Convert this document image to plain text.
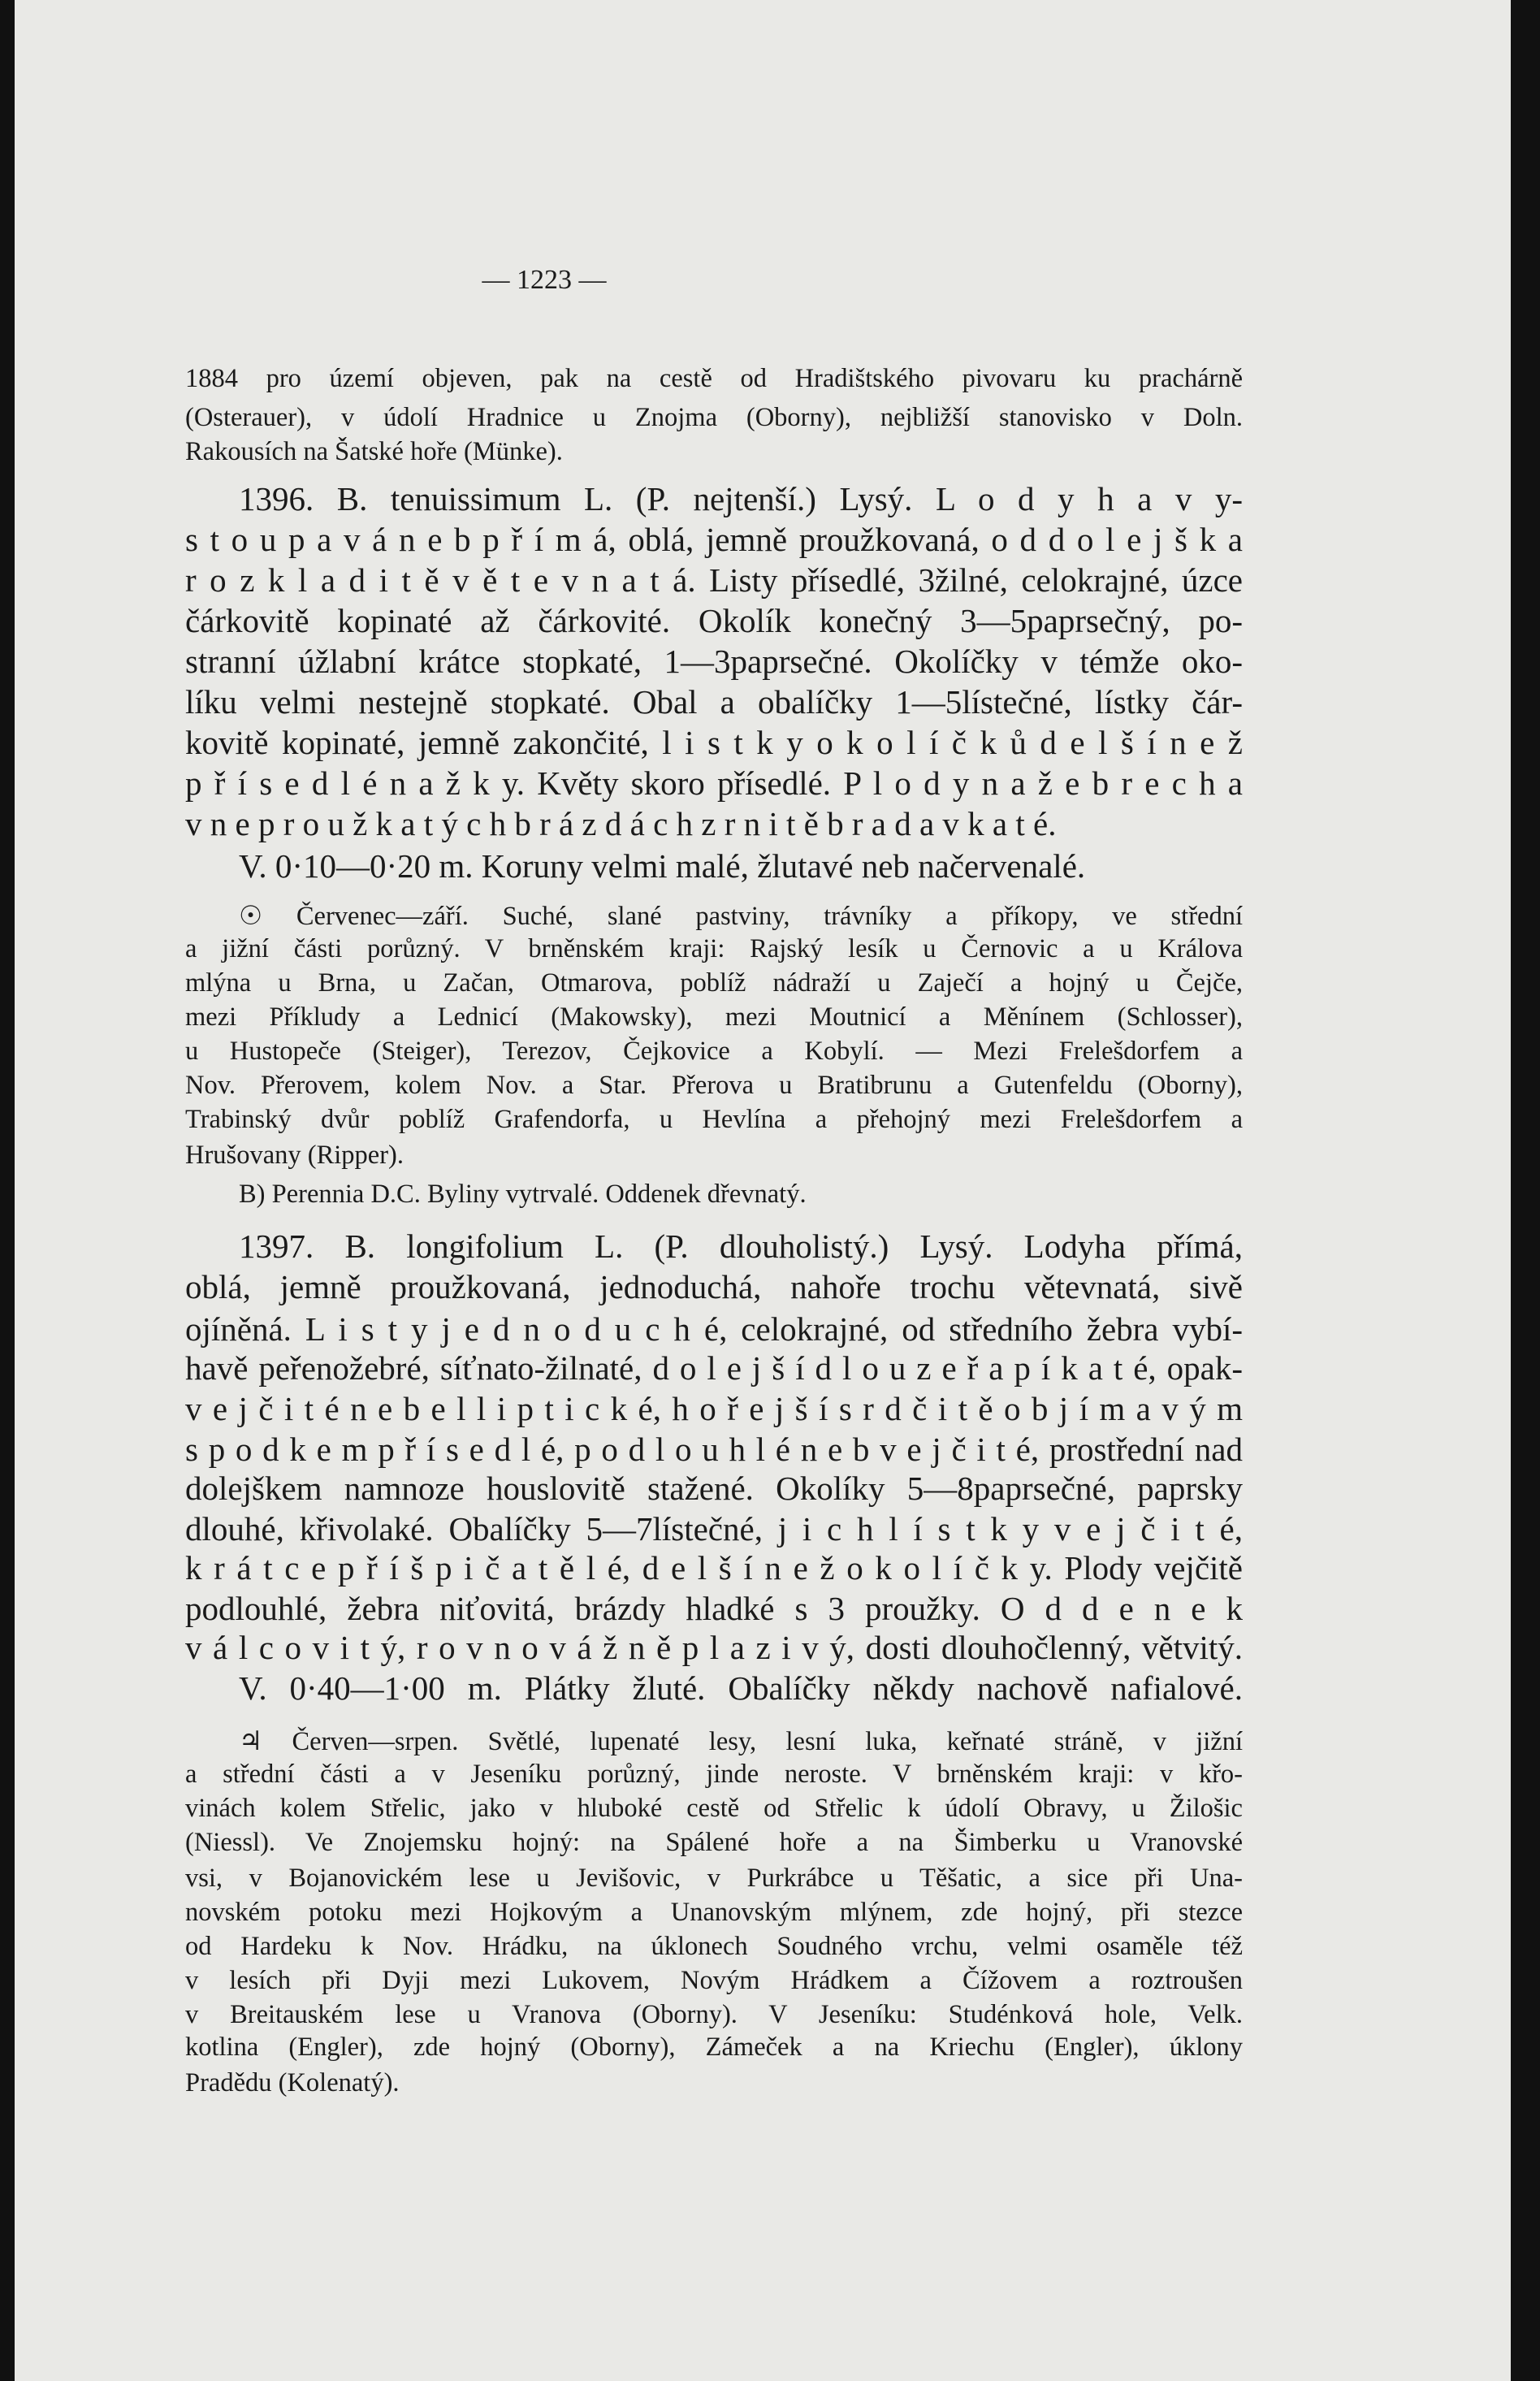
— 1223 —
1884 pro území objeven, pak na cestě od Hradištského pivovaru ku prachárně
(Osterauer), v údolí Hradnice u Znojma (Oborny), nejbližší stanovisko v Doln.
Rakousích na Šatské hoře (Münke).
1396. B. tenuissimum L. (P. nejtenší.) Lysý. L o d y h a v y-
s t o u p a v á n e b p ř í m á, oblá, jemně proužkovaná, o d d o l e j š k a
r o z k l a d i t ě v ě t e v n a t á. Listy přísedlé, 3žilné, celokrajné, úzce
čárkovitě kopinaté až čárkovité. Okolík konečný 3—5paprsečný, po-
stranní úžlabní krátce stopkaté, 1—3paprsečné. Okolíčky v témže oko-
líku velmi nestejně stopkaté. Obal a obalíčky 1—5lístečné, lístky čár-
kovitě kopinaté, jemně zakončité, l i s t k y o k o l í č k ů d e l š í n e ž
p ř í s e d l é n a ž k y. Květy skoro přísedlé. P l o d y n a ž e b r e c h a
v n e p r o u ž k a t ý c h b r á z d á c h z r n i t ě b r a d a v k a t é.
V. 0·10—0·20 m. Koruny velmi malé, žlutavé neb načervenalé.
☉ Červenec—září. Suché, slané pastviny, trávníky a příkopy, ve střední
a jižní části porůzný. V brněnském kraji: Rajský lesík u Černovic a u Králova
mlýna u Brna, u Začan, Otmarova, poblíž nádraží u Zaječí a hojný u Čejče,
mezi Příkludy a Lednicí (Makowsky), mezi Moutnicí a Měnínem (Schlosser),
u Hustopeče (Steiger), Terezov, Čejkovice a Kobylí. — Mezi Frelešdorfem a
Nov. Přerovem, kolem Nov. a Star. Přerova u Bratibrunu a Gutenfeldu (Oborny),
Trabinský dvůr poblíž Grafendorfa, u Hevlína a přehojný mezi Frelešdorfem a
Hrušovany (Ripper).
B) Perennia D.C. Byliny vytrvalé. Oddenek dřevnatý.
1397. B. longifolium L. (P. dlouholistý.) Lysý. Lodyha přímá,
oblá, jemně proužkovaná, jednoduchá, nahoře trochu větevnatá, sivě
ojíněná. L i s t y j e d n o d u c h é, celokrajné, od středního žebra vybí-
havě peřenožebré, síťnato-žilnaté, d o l e j š í d l o u z e ř a p í k a t é, opak-
v e j č i t é n e b e l l i p t i c k é, h o ř e j š í s r d č i t ě o b j í m a v ý m
s p o d k e m p ř í s e d l é, p o d l o u h l é n e b v e j č i t é, prostřední nad
dolejškem namnoze houslovitě stažené. Okolíky 5—8paprsečné, paprsky
dlouhé, křivolaké. Obalíčky 5—7lístečné, j i c h l í s t k y v e j č i t é,
k r á t c e p ř í š p i č a t ě l é, d e l š í n e ž o k o l í č k y. Plody vejčitě
podlouhlé, žebra niťovitá, brázdy hladké s 3 proužky. O d d e n e k
v á l c o v i t ý, r o v n o v á ž n ě p l a z i v ý, dosti dlouhočlenný, větvitý.
V. 0·40—1·00 m. Plátky žluté. Obalíčky někdy nachově nafialové.
♃ Červen—srpen. Světlé, lupenaté lesy, lesní luka, keřnaté stráně, v jižní
a střední části a v Jeseníku porůzný, jinde neroste. V brněnském kraji: v křo-
vinách kolem Střelic, jako v hluboké cestě od Střelic k údolí Obravy, u Žilošic
(Niessl). Ve Znojemsku hojný: na Spálené hoře a na Šimberku u Vranovské
vsi, v Bojanovickém lese u Jevišovic, v Purkrábce u Těšatic, a sice při Una-
novském potoku mezi Hojkovým a Unanovským mlýnem, zde hojný, při stezce
od Hardeku k Nov. Hrádku, na úklonech Soudného vrchu, velmi osaměle též
v lesích při Dyji mezi Lukovem, Novým Hrádkem a Čížovem a roztroušen
v Breitauském lese u Vranova (Oborny). V Jeseníku: Studénková hole, Velk.
kotlina (Engler), zde hojný (Oborny), Zámeček a na Kriechu (Engler), úklony
Pradědu (Kolenatý).
